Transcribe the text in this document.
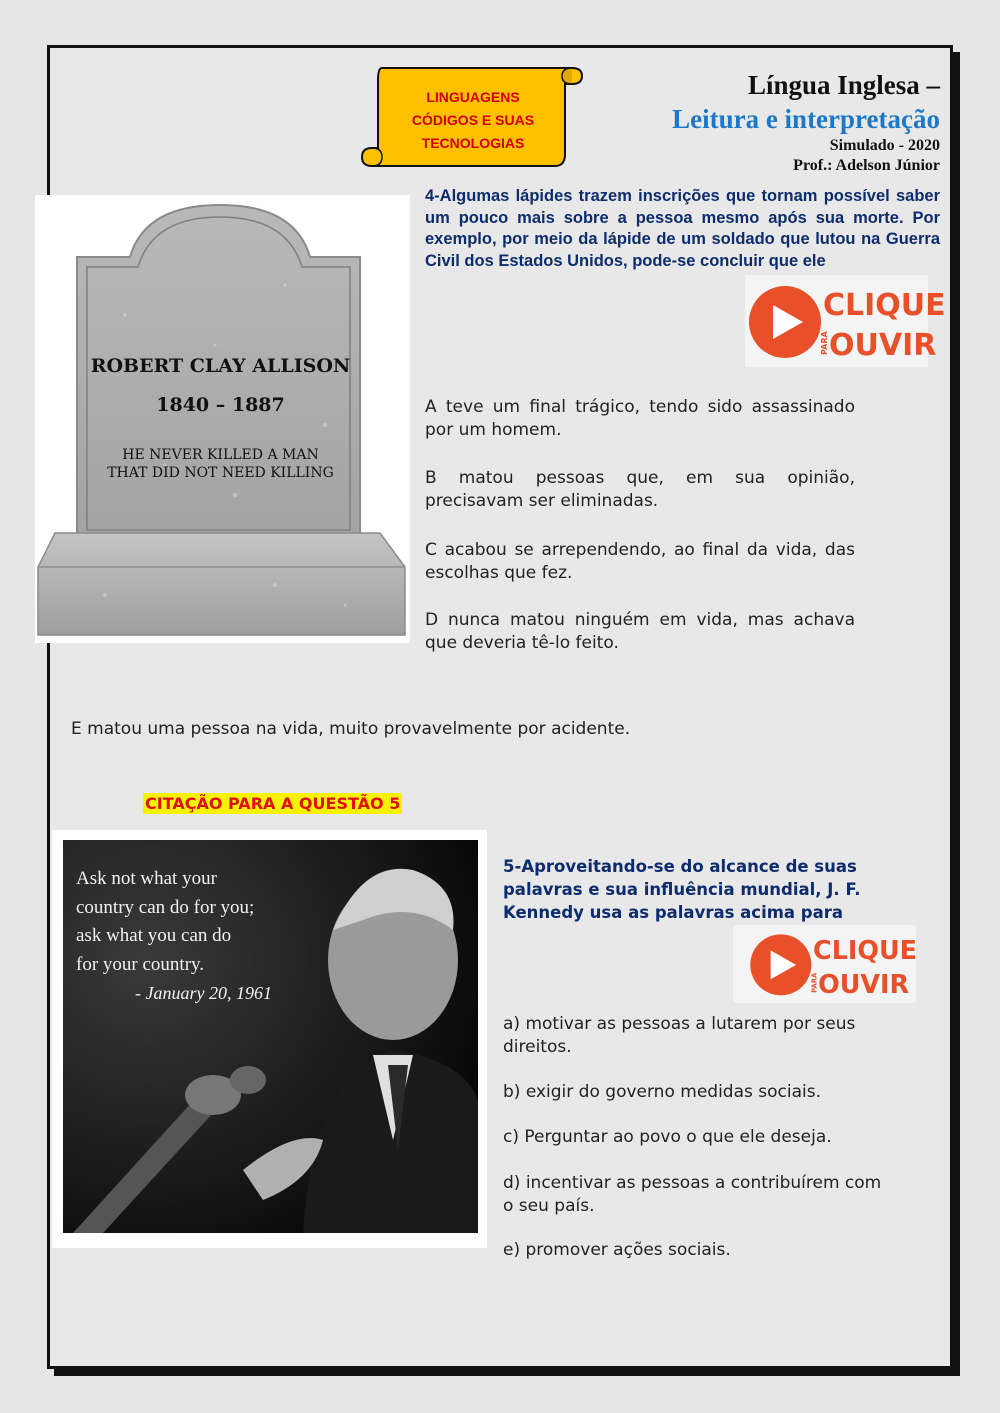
LINGUAGENS
CÓDIGOS E SUAS
TECNOLOGIAS
Língua Inglesa –
Leitura e interpretação
Simulado - 2020
Prof.: Adelson Júnior
ROBERT CLAY ALLISON
1840 – 1887
HE NEVER KILLED A MAN
THAT DID NOT NEED KILLING
4-Algumas lápides trazem inscrições que tornam possível saber um pouco mais sobre a pessoa mesmo após sua morte. Por exemplo, por meio da lápide de um soldado que lutou na Guerra Civil dos Estados Unidos, pode-se concluir que ele
CLIQUE
OUVIR
PARA
A teve um final trágico, tendo sido assassinado por um homem.
B matou pessoas que, em sua opinião, precisavam ser eliminadas.
C acabou se arrependendo, ao final da vida, das escolhas que fez.
D nunca matou ninguém em vida, mas achava que deveria tê-lo feito.
E matou uma pessoa na vida, muito provavelmente por acidente.
CITAÇÃO PARA A QUESTÃO 5
Ask not what your
country can do for you;
ask what you can do
for your country.
- January 20, 1961
5-Aproveitando-se do alcance de suas palavras e sua influência mundial, J. F. Kennedy usa as palavras acima para
CLIQUE
OUVIR
PARA
a) motivar as pessoas a lutarem por seus direitos.
b) exigir do governo medidas sociais.
c) Perguntar ao povo o que ele deseja.
d) incentivar as pessoas a contribuírem com o seu país.
e) promover ações sociais.
